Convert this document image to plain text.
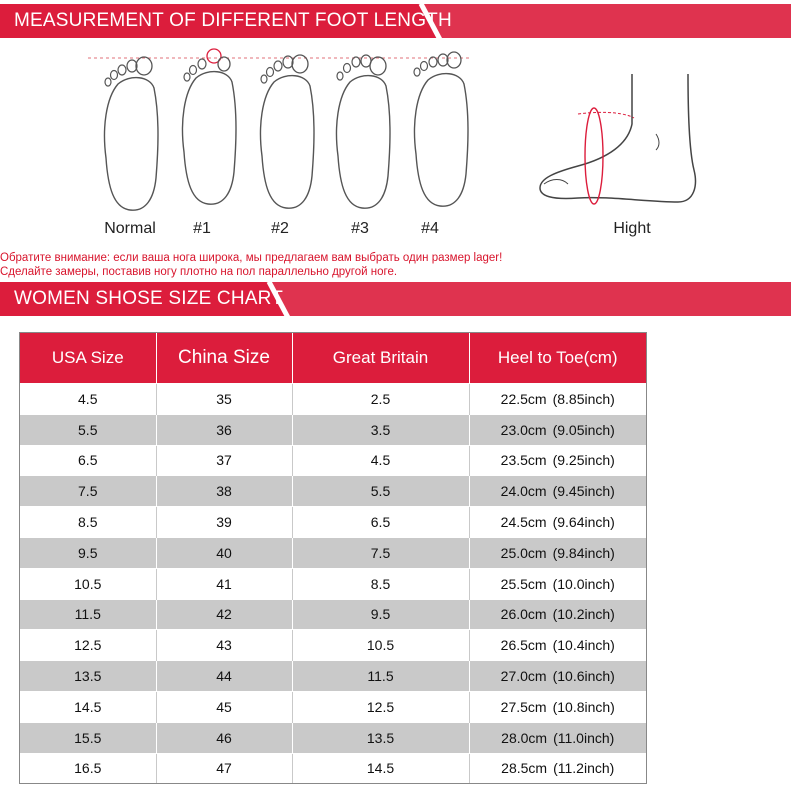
MEASUREMENT OF DIFFERENT FOOT LENGTH
Normal	#1	#2	#3	#4	Hight
Обратите внимание: если ваша нога широка, мы предлагаем вам выбрать один размер lager!
Сделайте замеры, поставив ногу плотно на пол параллельно другой ноге.
WOMEN SHOSE SIZE CHART
USA Size	China Size	Great Britain	Heel to Toe(cm)
4.5	35	2.5	22.5cm (8.85inch)
5.5	36	3.5	23.0cm (9.05inch)
6.5	37	4.5	23.5cm (9.25inch)
7.5	38	5.5	24.0cm (9.45inch)
8.5	39	6.5	24.5cm (9.64inch)
9.5	40	7.5	25.0cm (9.84inch)
10.5	41	8.5	25.5cm (10.0inch)
11.5	42	9.5	26.0cm (10.2inch)
12.5	43	10.5	26.5cm (10.4inch)
13.5	44	11.5	27.0cm (10.6inch)
14.5	45	12.5	27.5cm (10.8inch)
15.5	46	13.5	28.0cm (11.0inch)
16.5	47	14.5	28.5cm (11.2inch)
